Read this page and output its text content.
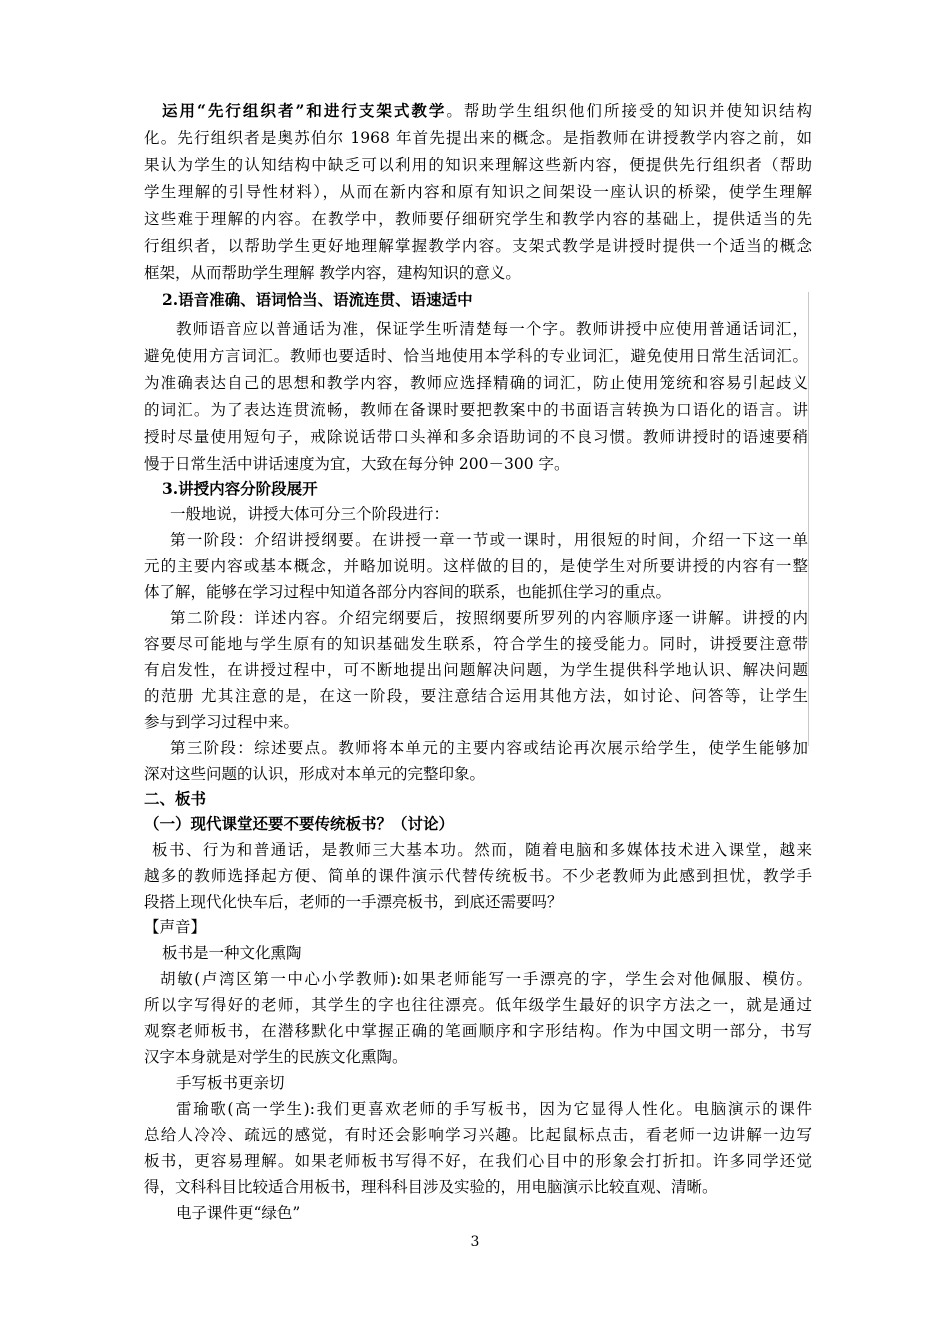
运用“先行组织者”和进行支架式教学。帮助学生组织他们所接受的知识并使知识结构
化。先行组织者是奥苏伯尔 1968 年首先提出来的概念。是指教师在讲授教学内容之前，如
果认为学生的认知结构中缺乏可以利用的知识来理解这些新内容，便提供先行组织者（帮助
学生理解的引导性材料），从而在新内容和原有知识之间架设一座认识的桥梁，使学生理解
这些难于理解的内容。在教学中，教师要仔细研究学生和教学内容的基础上，提供适当的先
行组织者，以帮助学生更好地理解掌握教学内容。支架式教学是讲授时提供一个适当的概念
框架，从而帮助学生理解 教学内容，建构知识的意义。
2.语音准确、语词恰当、语流连贯、语速适中
教师语音应以普通话为准，保证学生听清楚每一个字。教师讲授中应使用普通话词汇，
避免使用方言词汇。教师也要适时、恰当地使用本学科的专业词汇，避免使用日常生活词汇。
为准确表达自己的思想和教学内容，教师应选择精确的词汇，防止使用笼统和容易引起歧义
的词汇。为了表达连贯流畅，教师在备课时要把教案中的书面语言转换为口语化的语言。讲
授时尽量使用短句子，戒除说话带口头禅和多余语助词的不良习惯。教师讲授时的语速要稍
慢于日常生活中讲话速度为宜，大致在每分钟 200－300 字。
3.讲授内容分阶段展开
一般地说，讲授大体可分三个阶段进行：
第一阶段：介绍讲授纲要。在讲授一章一节或一课时，用很短的时间，介绍一下这一单
元的主要内容或基本概念，并略加说明。这样做的目的，是使学生对所要讲授的内容有一整
体了解，能够在学习过程中知道各部分内容间的联系，也能抓住学习的重点。
第二阶段：详述内容。介绍完纲要后，按照纲要所罗列的内容顺序逐一讲解。讲授的内
容要尽可能地与学生原有的知识基础发生联系，符合学生的接受能力。同时，讲授要注意带
有启发性，在讲授过程中，可不断地提出问题解决问题，为学生提供科学地认识、解决问题
的范册 尤其注意的是，在这一阶段，要注意结合运用其他方法，如讨论、问答等，让学生
参与到学习过程中来。
第三阶段：综述要点。教师将本单元的主要内容或结论再次展示给学生，使学生能够加
深对这些问题的认识，形成对本单元的完整印象。
二、板书
（一）现代课堂还要不要传统板书？（讨论）
板书、行为和普通话，是教师三大基本功。然而，随着电脑和多媒体技术进入课堂，越来
越多的教师选择起方便、简单的课件演示代替传统板书。不少老教师为此感到担忧，教学手
段搭上现代化快车后，老师的一手漂亮板书，到底还需要吗？
【声音】
板书是一种文化熏陶
胡敏(卢湾区第一中心小学教师):如果老师能写一手漂亮的字，学生会对他佩服、模仿。
所以字写得好的老师，其学生的字也往往漂亮。低年级学生最好的识字方法之一，就是通过
观察老师板书，在潜移默化中掌握正确的笔画顺序和字形结构。作为中国文明一部分，书写
汉字本身就是对学生的民族文化熏陶。
手写板书更亲切
雷瑜歌(高一学生):我们更喜欢老师的手写板书，因为它显得人性化。电脑演示的课件
总给人冷冷、疏远的感觉，有时还会影响学习兴趣。比起鼠标点击，看老师一边讲解一边写
板书，更容易理解。如果老师板书写得不好，在我们心目中的形象会打折扣。许多同学还觉
得，文科科目比较适合用板书，理科科目涉及实验的，用电脑演示比较直观、清晰。
电子课件更“绿色”
3
